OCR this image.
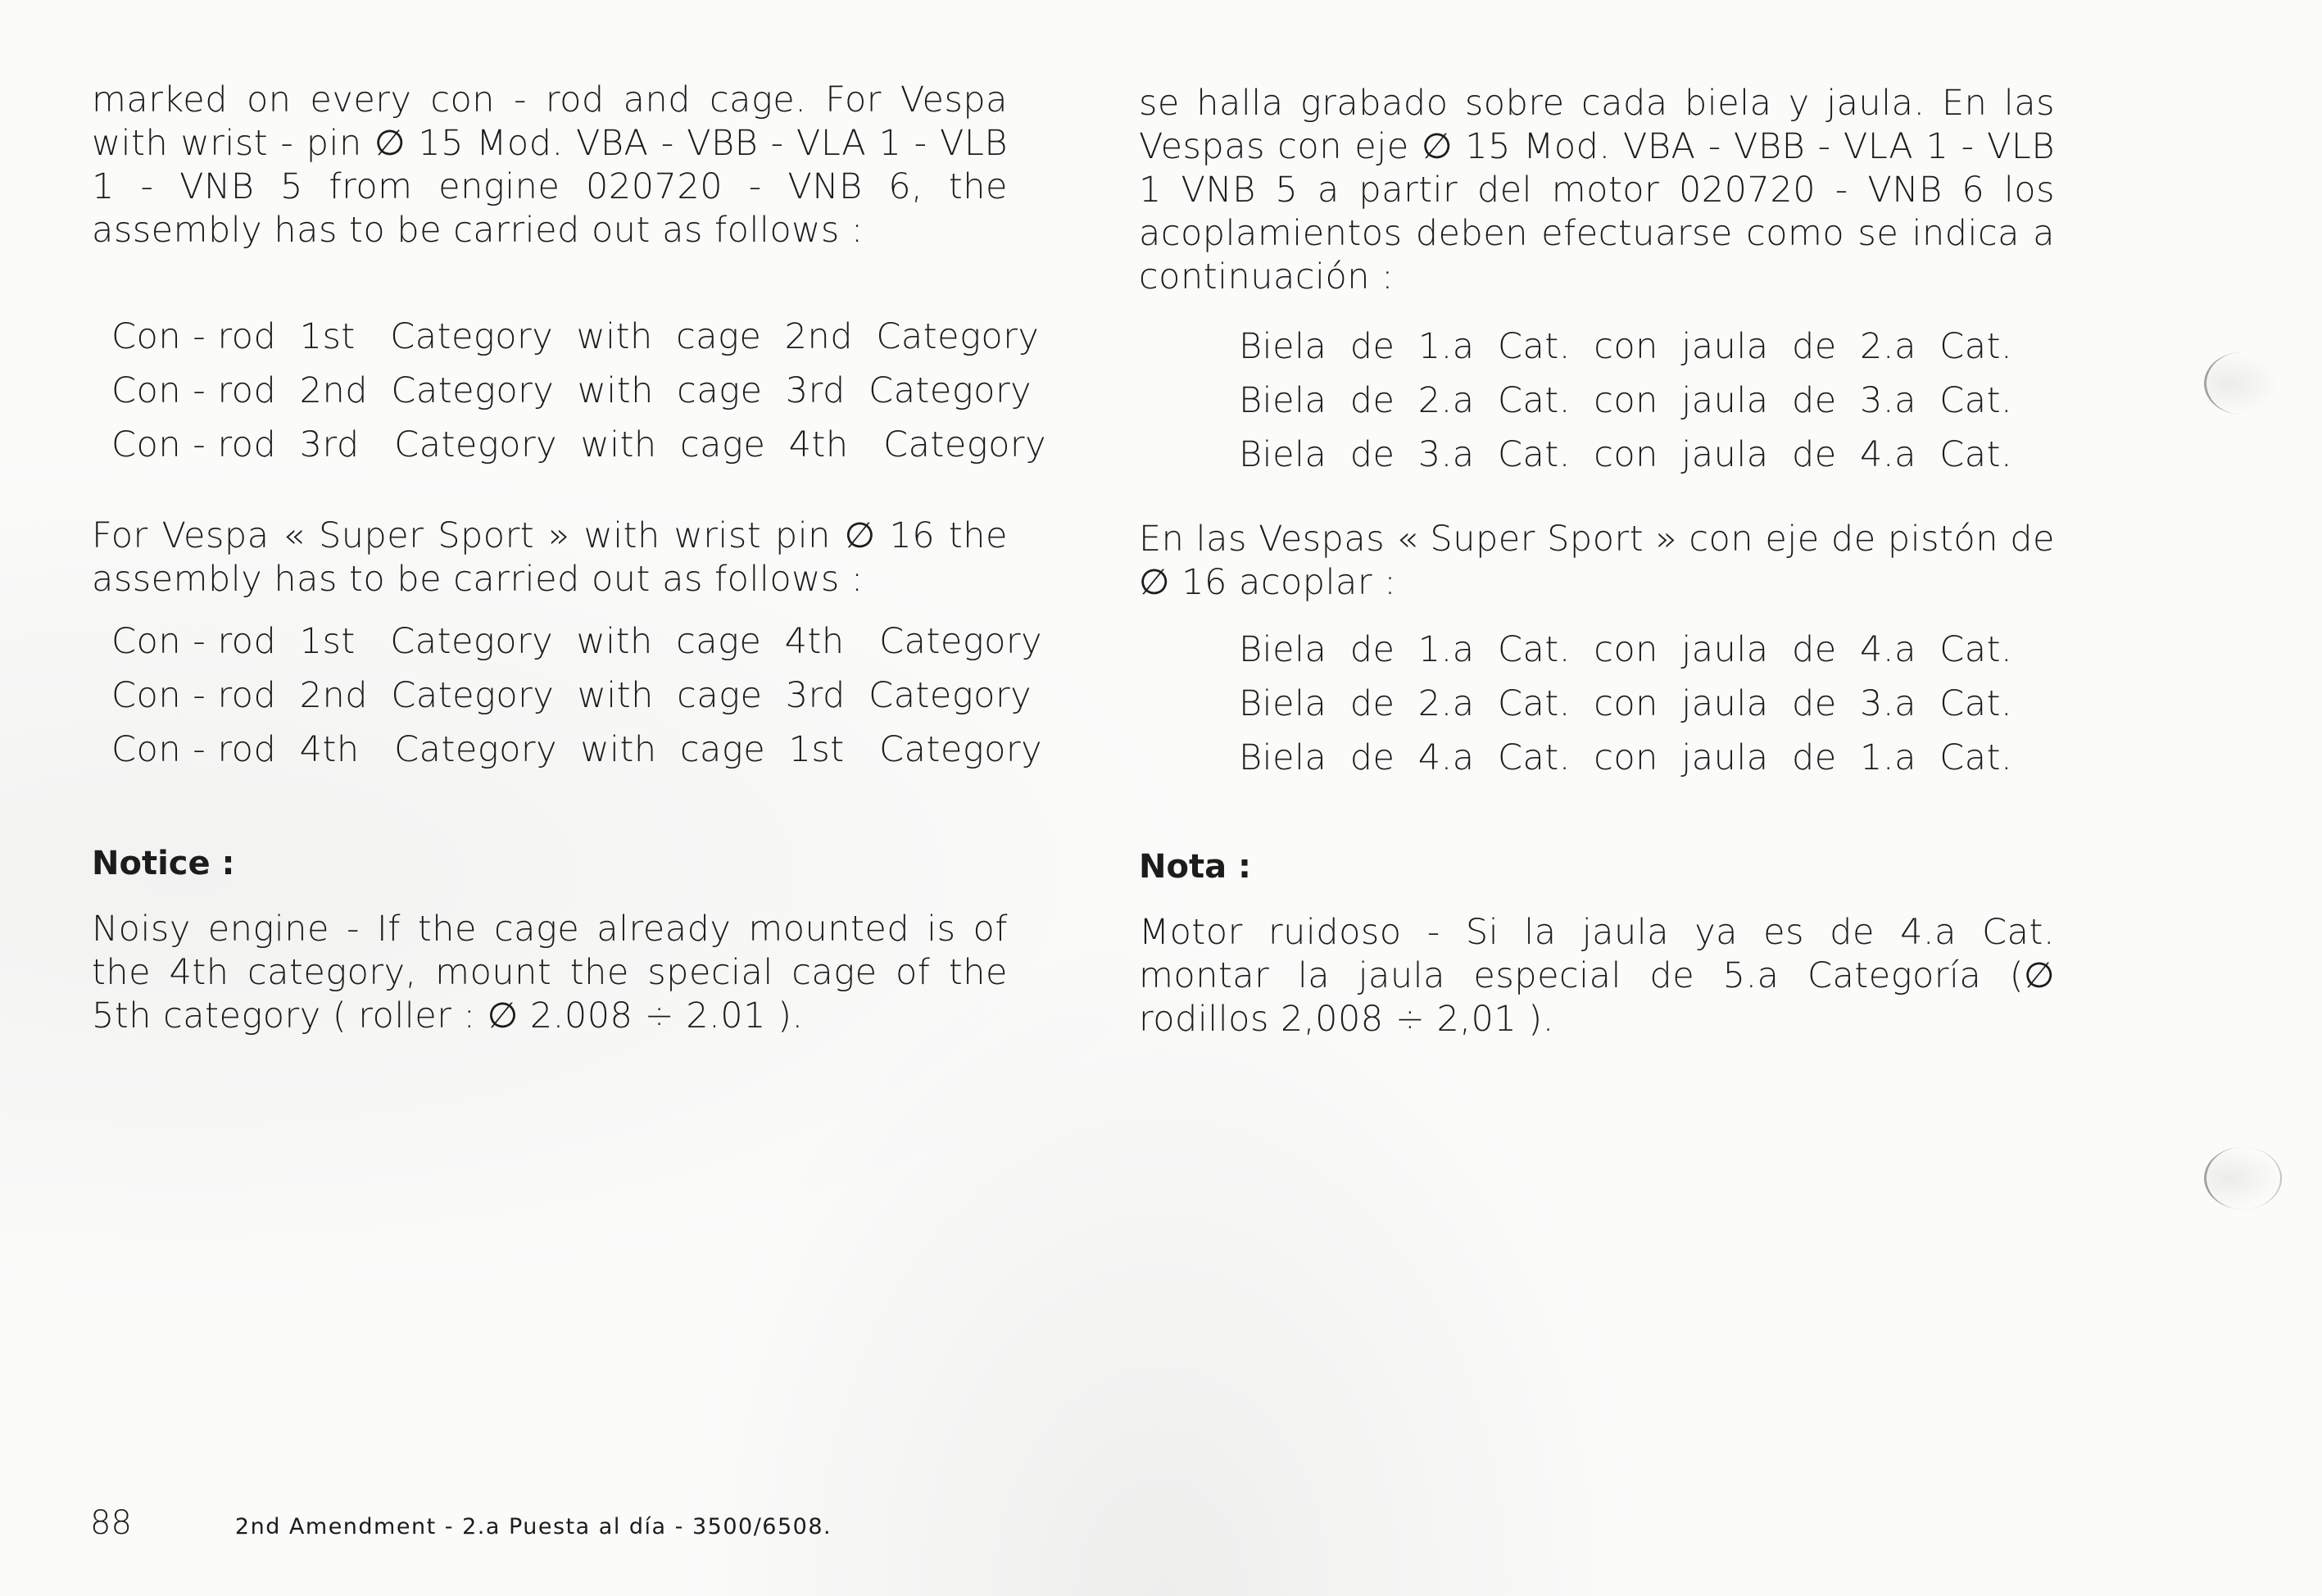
marked on every con - rod and cage. For Vespa with wrist - pin ∅ 15 Mod. VBA - VBB - VLA 1 - VLB 1 - VNB 5 from engine 020720 - VNB 6, the assembly has to be carried out as follows :

Con - rod  1st   Category  with  cage  2nd  Category
Con - rod  2nd  Category  with  cage  3rd  Category
Con - rod  3rd   Category  with  cage  4th   Category

For Vespa « Super Sport » with wrist pin ∅ 16 the assembly has to be carried out as follows :

Con - rod  1st   Category  with  cage  4th   Category
Con - rod  2nd  Category  with  cage  3rd  Category
Con - rod  4th   Category  with  cage  1st   Category
Notice :

Noisy engine - If the cage already mounted is of the 4th category, mount the special cage of the 5th category ( roller : ∅ 2.008 ÷ 2.01 ).

se halla grabado sobre cada biela y jaula. En las Vespas con eje ∅ 15 Mod. VBA - VBB - VLA 1 - VLB 1 VNB 5 a partir del motor 020720 - VNB 6 los acoplamientos deben efectuarse como se indica a continuación :

Biela  de  1.a  Cat.  con  jaula  de  2.a  Cat.
Biela  de  2.a  Cat.  con  jaula  de  3.a  Cat.
Biela  de  3.a  Cat.  con  jaula  de  4.a  Cat.

En las Vespas « Super Sport » con eje de pistón de ∅ 16 acoplar :

Biela  de  1.a  Cat.  con  jaula  de  4.a  Cat.
Biela  de  2.a  Cat.  con  jaula  de  3.a  Cat.
Biela  de  4.a  Cat.  con  jaula  de  1.a  Cat.
Nota :

Motor ruidoso - Si la jaula ya es de 4.a Cat. montar la jaula especial de 5.a Categoría (∅ rodillos 2,008 ÷ 2,01 ).

88	2nd Amendment - 2.a Puesta al día - 3500/6508.
